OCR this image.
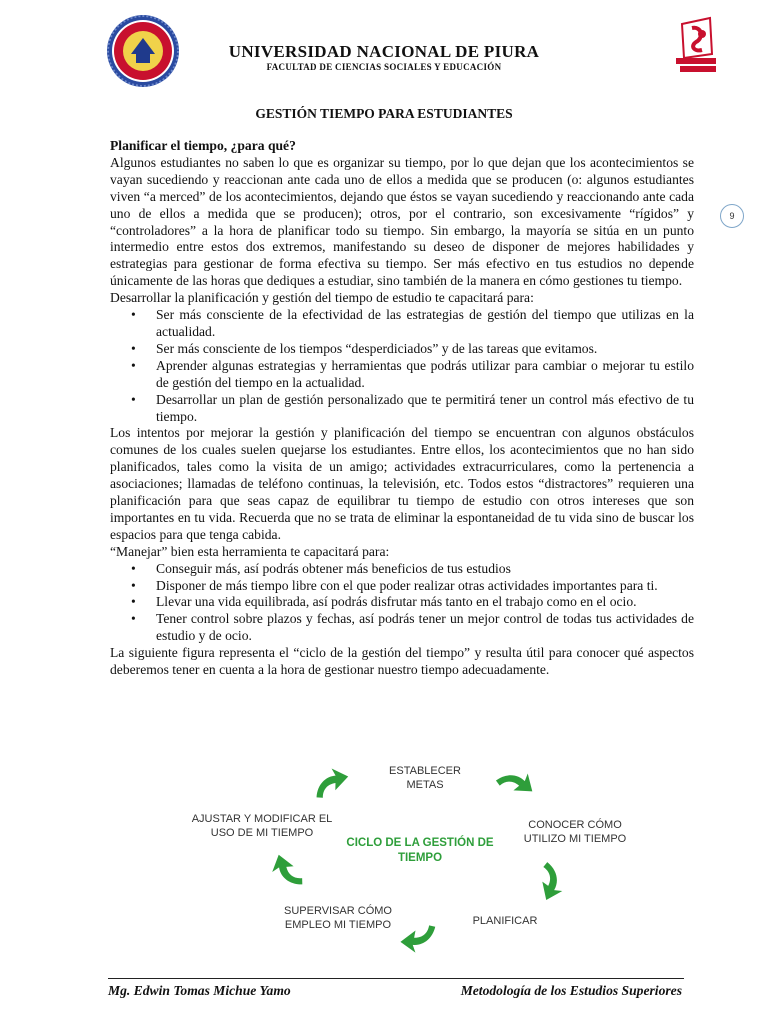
UNIVERSIDAD NACIONAL DE PIURA
FACULTAD DE CIENCIAS SOCIALES Y EDUCACIÓN
GESTIÓN TIEMPO PARA ESTUDIANTES
9

Planificar el tiempo, ¿para qué?

Algunos estudiantes no saben lo que es organizar su tiempo, por lo que dejan que los acontecimientos se vayan sucediendo y reaccionan ante cada uno de ellos a medida que se producen (o: algunos estudiantes viven “a merced” de los acontecimientos, dejando que éstos se vayan sucediendo y reaccionando ante cada uno de ellos a medida que se producen); otros, por el contrario, son excesivamente “rígidos” y “controladores” a la hora de planificar todo su tiempo. Sin embargo, la mayoría se sitúa en un punto intermedio entre estos dos extremos, manifestando su deseo de disponer de mejores habilidades y estrategias para gestionar de forma efectiva su tiempo. Ser más efectivo en tus estudios no depende únicamente de las horas que dediques a estudiar, sino también de la manera en cómo gestiones tu tiempo.

Desarrollar la planificación y gestión del tiempo de estudio te capacitará para:

• Ser más consciente de la efectividad de las estrategias de gestión del tiempo que utilizas en la actualidad.
• Ser más consciente de los tiempos “desperdiciados” y de las tareas que evitamos.
• Aprender algunas estrategias y herramientas que podrás utilizar para cambiar o mejorar tu estilo de gestión del tiempo en la actualidad.
• Desarrollar un plan de gestión personalizado que te permitirá tener un control más efectivo de tu tiempo.

Los intentos por mejorar la gestión y planificación del tiempo se encuentran con algunos obstáculos comunes de los cuales suelen quejarse los estudiantes. Entre ellos, los acontecimientos que no han sido planificados, tales como la visita de un amigo; actividades extracurriculares, como la pertenencia a asociaciones; llamadas de teléfono continuas, la televisión, etc. Todos estos “distractores” requieren una planificación para que seas capaz de equilibrar tu tiempo de estudio con otros intereses que son importantes en tu vida. Recuerda que no se trata de eliminar la espontaneidad de tu vida sino de buscar los espacios para que tenga cabida.

“Manejar” bien esta herramienta te capacitará para:

• Conseguir más, así podrás obtener más beneficios de tus estudios
• Disponer de más tiempo libre con el que poder realizar otras actividades importantes para ti.
• Llevar una vida equilibrada, así podrás disfrutar más tanto en el trabajo como en el ocio.
• Tener control sobre plazos y fechas, así podrás tener un mejor control de todas tus actividades de estudio y de ocio.

La siguiente figura representa el “ciclo de la gestión del tiempo” y resulta útil para conocer qué aspectos deberemos tener en cuenta a la hora de gestionar nuestro tiempo adecuadamente.

ESTABLECER METAS
CONOCER CÓMO UTILIZO MI TIEMPO
PLANIFICAR
SUPERVISAR CÓMO EMPLEO MI TIEMPO
AJUSTAR Y MODIFICAR EL USO DE MI TIEMPO
CICLO DE LA GESTIÓN DE TIEMPO
Mg. Edwin Tomas Michue Yamo	Metodología de los Estudios Superiores
